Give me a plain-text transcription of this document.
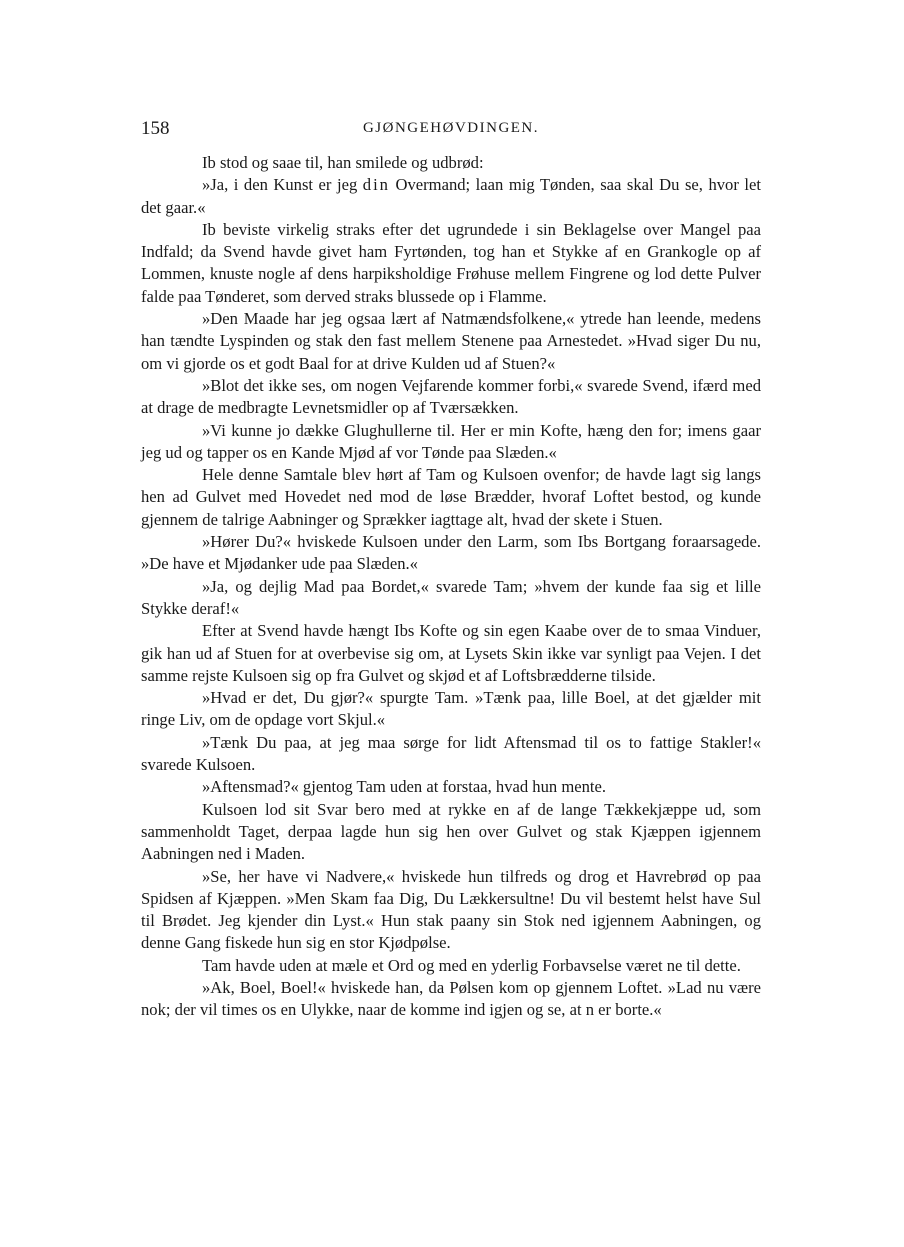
158	GJØNGEHØVDINGEN.

Ib stod og saae til, han smilede og udbrød:

»Ja, i den Kunst er jeg din Overmand; laan mig Tønden, saa skal Du se, hvor let det gaar.«

Ib beviste virkelig straks efter det ugrundede i sin Beklagelse over Mangel paa Indfald; da Svend havde givet ham Fyrtønden, tog han et Stykke af en Grankogle op af Lommen, knuste nogle af dens harpiksholdige Frøhuse mellem Fingrene og lod dette Pulver falde paa Tønderet, som derved straks blussede op i Flamme.

»Den Maade har jeg ogsaa lært af Natmændsfolkene,« ytrede han leende, medens han tændte Lyspinden og stak den fast mellem Stenene paa Arnestedet. »Hvad siger Du nu, om vi gjorde os et godt Baal for at drive Kulden ud af Stuen?«

»Blot det ikke ses, om nogen Vejfarende kommer forbi,« svarede Svend, ifærd med at drage de medbragte Levnetsmidler op af Tværsækken.

»Vi kunne jo dække Glughullerne til. Her er min Kofte, hæng den for; imens gaar jeg ud og tapper os en Kande Mjød af vor Tønde paa Slæden.«

Hele denne Samtale blev hørt af Tam og Kulsoen ovenfor; de havde lagt sig langs hen ad Gulvet med Hovedet ned mod de løse Brædder, hvoraf Loftet bestod, og kunde gjennem de talrige Aabninger og Sprækker iagttage alt, hvad der skete i Stuen.

»Hører Du?« hviskede Kulsoen under den Larm, som Ibs Bortgang foraarsagede. »De have et Mjødanker ude paa Slæden.«

»Ja, og dejlig Mad paa Bordet,« svarede Tam; »hvem der kunde faa sig et lille Stykke deraf!«

Efter at Svend havde hængt Ibs Kofte og sin egen Kaabe over de to smaa Vinduer, gik han ud af Stuen for at overbevise sig om, at Lysets Skin ikke var synligt paa Vejen. I det samme rejste Kulsoen sig op fra Gulvet og skjød et af Loftsbrædderne tilside.

»Hvad er det, Du gjør?« spurgte Tam. »Tænk paa, lille Boel, at det gjælder mit ringe Liv, om de opdage vort Skjul.«

»Tænk Du paa, at jeg maa sørge for lidt Aftensmad til os to fattige Stakler!« svarede Kulsoen.

»Aftensmad?« gjentog Tam uden at forstaa, hvad hun mente.

Kulsoen lod sit Svar bero med at rykke en af de lange Tækkekjæppe ud, som sammenholdt Taget, derpaa lagde hun sig hen over Gulvet og stak Kjæppen igjennem Aabningen ned i Maden.

»Se, her have vi Nadvere,« hviskede hun tilfreds og drog et Havrebrød op paa Spidsen af Kjæppen. »Men Skam faa Dig, Du Lækkersultne! Du vil bestemt helst have Sul til Brødet. Jeg kjender din Lyst.« Hun stak paany sin Stok ned igjennem Aabningen, og denne Gang fiskede hun sig en stor Kjødpølse.

Tam havde uden at mæle et Ord og med en yderlig Forbavselse været ne til dette.

»Ak, Boel, Boel!« hviskede han, da Pølsen kom op gjennem Loftet. »Lad nu være nok; der vil times os en Ulykke, naar de komme ind igjen og se, at n er borte.«
